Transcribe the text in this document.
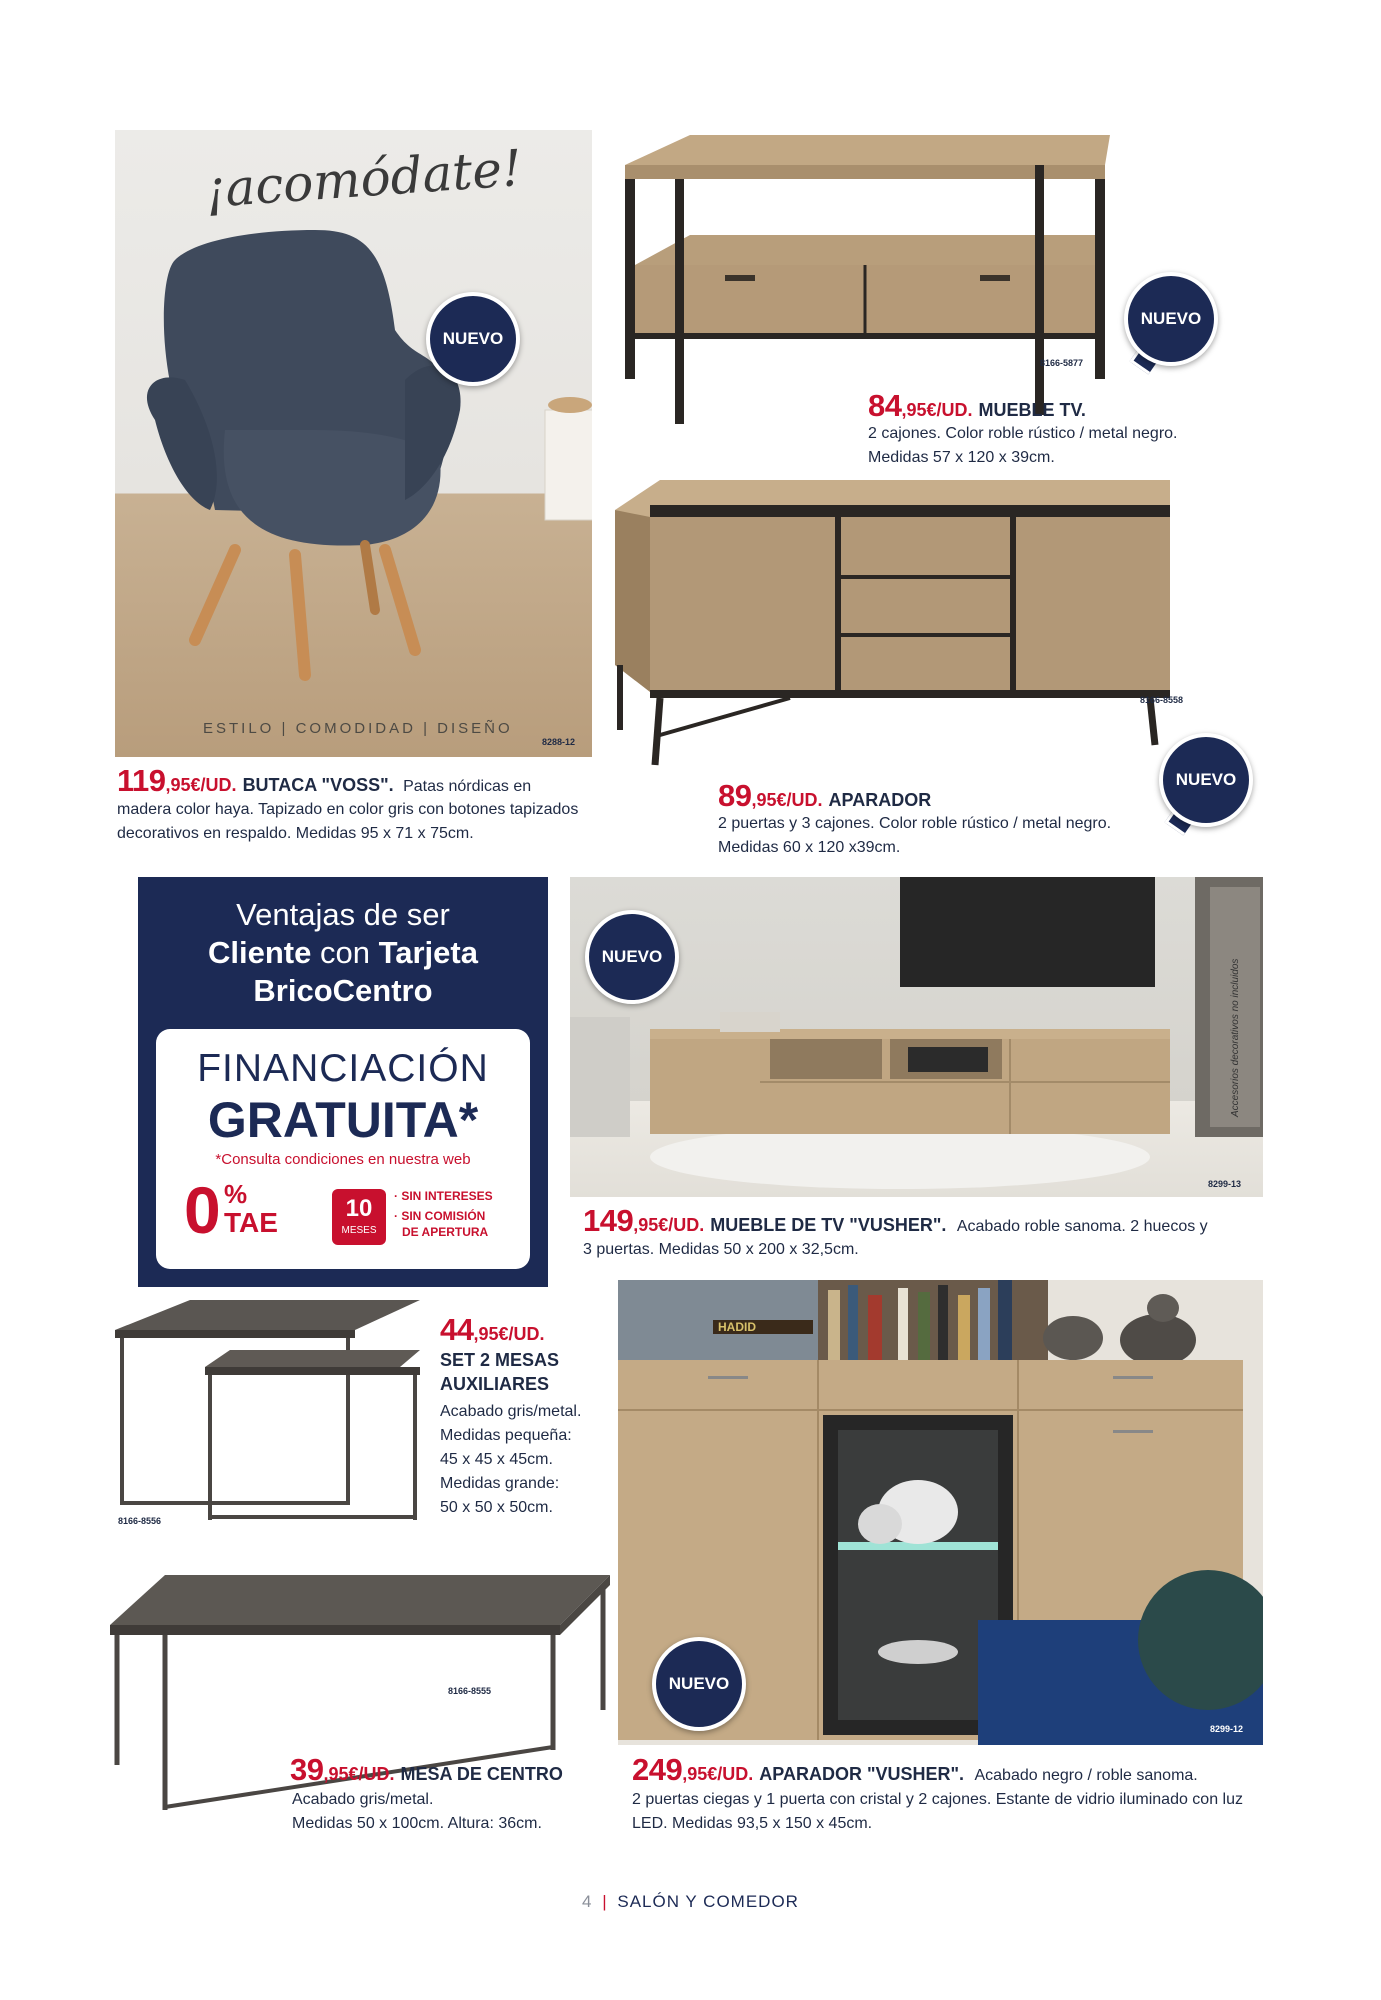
¡acomódate!
ESTILO | COMODIDAD | DISEÑO
8288-12
NUEVO
119,95€/UD. BUTACA "VOSS". Patas nórdicas en
madera color haya. Tapizado en color gris con botones tapizados decorativos en respaldo. Medidas 95 x 71 x 75cm.
8166-5877
NUEVO
84,95€/UD. MUEBLE TV.
2 cajones. Color roble rústico / metal negro. Medidas 57 x 120 x 39cm.
8166-8558
NUEVO
89,95€/UD. APARADOR
2 puertas y 3 cajones. Color roble rústico / metal negro. Medidas 60 x 120 x39cm.
Ventajas de ser
Cliente con Tarjeta
BricoCentro
FINANCIACIÓN
GRATUITA*
*Consulta condiciones en nuestra web
0 %
TAE	10
MESES
· SIN INTERESES
· SIN COMISIÓN
DE APERTURA
Accesorios decorativos no incluidos
8299-13
NUEVO
149,95€/UD. MUEBLE DE TV "VUSHER". Acabado roble sanoma. 2 huecos y
3 puertas. Medidas 50 x 200 x 32,5cm.
8166-8556
44,95€/UD.
SET 2 MESAS
AUXILIARES
Acabado gris/metal.
Medidas pequeña:
45 x 45 x 45cm.
Medidas grande:
50 x 50 x 50cm.
8166-8555
39,95€/UD. MESA DE CENTRO
Acabado gris/metal.
Medidas 50 x 100cm. Altura: 36cm.
HADID
8299-12
NUEVO
249,95€/UD. APARADOR "VUSHER". Acabado negro / roble sanoma.
2 puertas ciegas y 1 puerta con cristal y 2 cajones. Estante de vidrio iluminado con luz LED. Medidas 93,5 x 150 x 45cm.
4 | SALÓN Y COMEDOR
